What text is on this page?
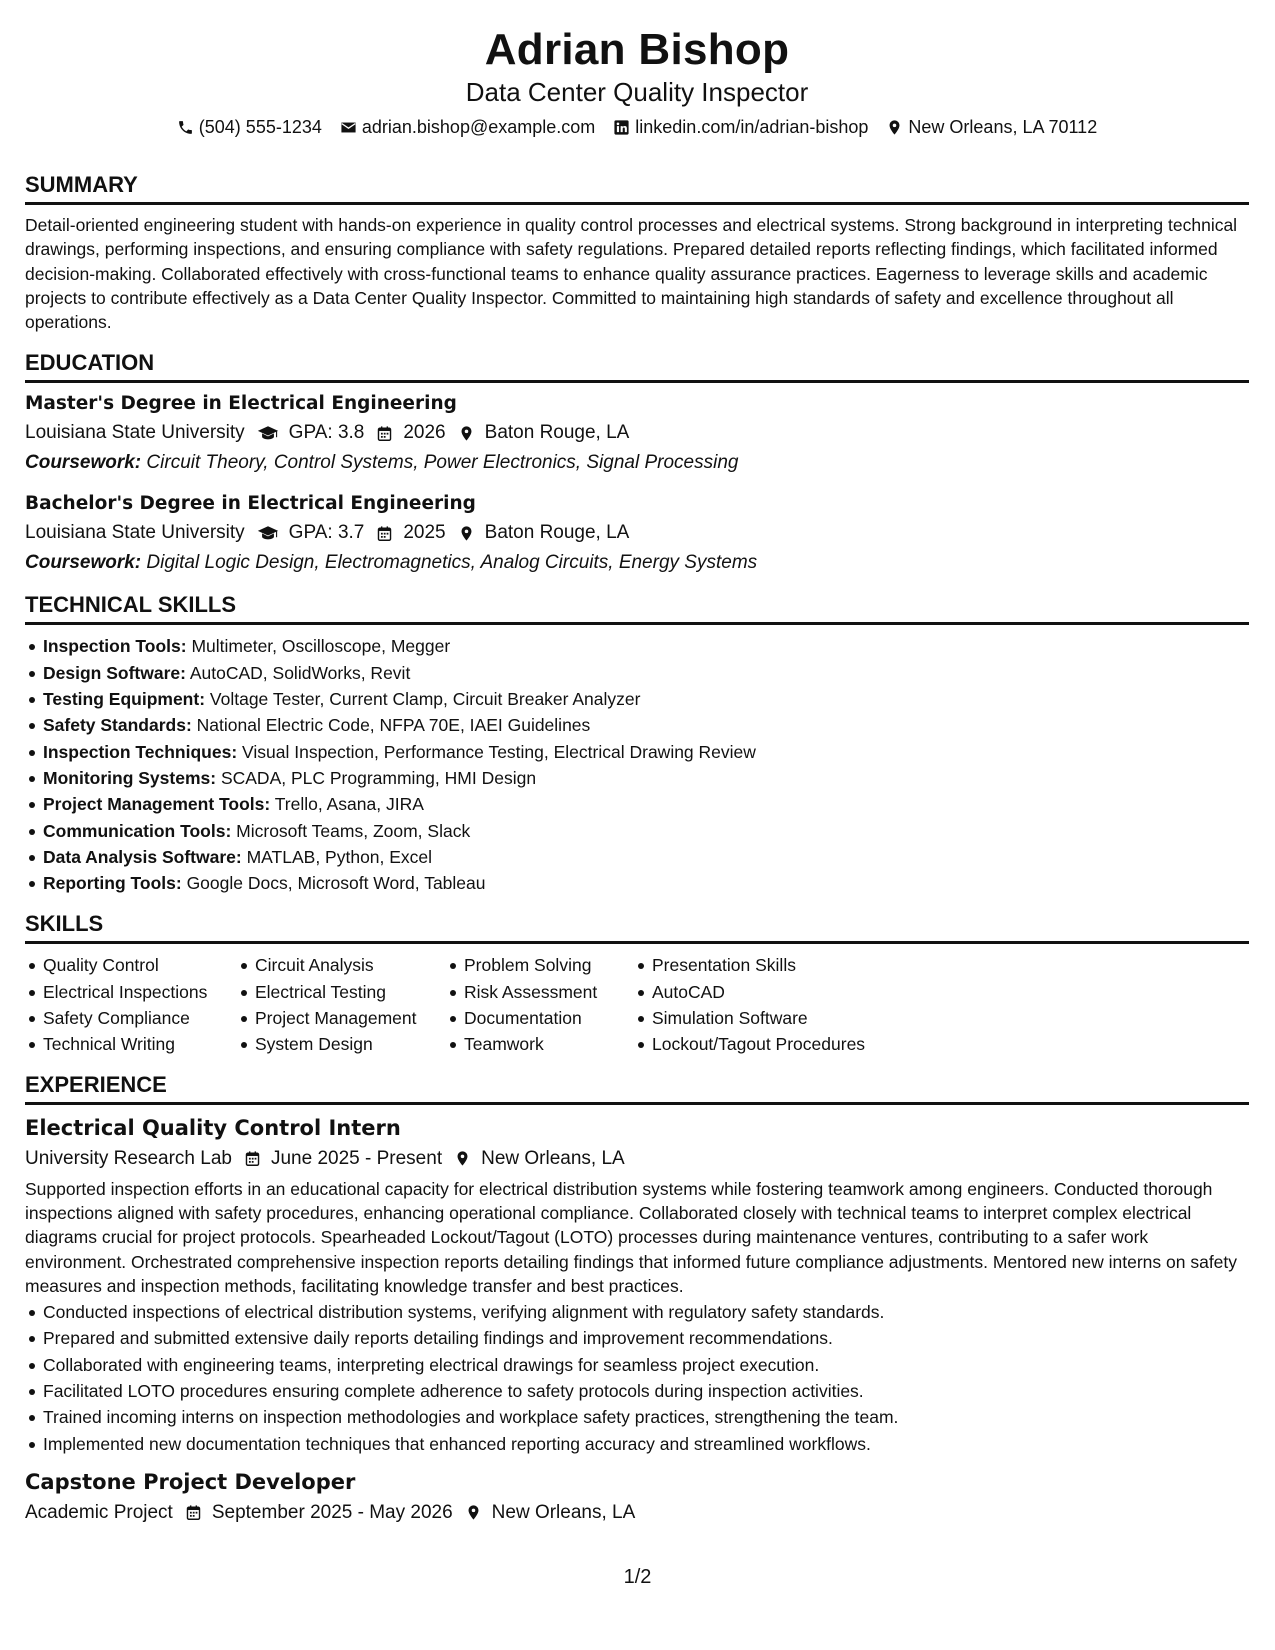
Adrian Bishop
Data Center Quality Inspector
(504) 555-1234 adrian.bishop@example.com linkedin.com/in/adrian-bishop New Orleans, LA 70112
SUMMARY
Detail-oriented engineering student with hands-on experience in quality control processes and electrical systems. Strong background in interpreting technical drawings, performing inspections, and ensuring compliance with safety regulations. Prepared detailed reports reflecting findings, which facilitated informed decision-making. Collaborated effectively with cross-functional teams to enhance quality assurance practices. Eagerness to leverage skills and academic projects to contribute effectively as a Data Center Quality Inspector. Committed to maintaining high standards of safety and excellence throughout all operations.
EDUCATION
Master's Degree in Electrical Engineering
Louisiana State University GPA: 3.8 2026 Baton Rouge, LA
Coursework: Circuit Theory, Control Systems, Power Electronics, Signal Processing
Bachelor's Degree in Electrical Engineering
Louisiana State University GPA: 3.7 2025 Baton Rouge, LA
Coursework: Digital Logic Design, Electromagnetics, Analog Circuits, Energy Systems
TECHNICAL SKILLS
Inspection Tools: Multimeter, Oscilloscope, Megger
Design Software: AutoCAD, SolidWorks, Revit
Testing Equipment: Voltage Tester, Current Clamp, Circuit Breaker Analyzer
Safety Standards: National Electric Code, NFPA 70E, IAEI Guidelines
Inspection Techniques: Visual Inspection, Performance Testing, Electrical Drawing Review
Monitoring Systems: SCADA, PLC Programming, HMI Design
Project Management Tools: Trello, Asana, JIRA
Communication Tools: Microsoft Teams, Zoom, Slack
Data Analysis Software: MATLAB, Python, Excel
Reporting Tools: Google Docs, Microsoft Word, Tableau
SKILLS
Quality Control
Electrical Inspections
Safety Compliance
Technical Writing
Circuit Analysis
Electrical Testing
Project Management
System Design
Problem Solving
Risk Assessment
Documentation
Teamwork
Presentation Skills
AutoCAD
Simulation Software
Lockout/Tagout Procedures
EXPERIENCE
Electrical Quality Control Intern
University Research Lab June 2025 - Present New Orleans, LA
Supported inspection efforts in an educational capacity for electrical distribution systems while fostering teamwork among engineers. Conducted thorough inspections aligned with safety procedures, enhancing operational compliance. Collaborated closely with technical teams to interpret complex electrical diagrams crucial for project protocols. Spearheaded Lockout/Tagout (LOTO) processes during maintenance ventures, contributing to a safer work environment. Orchestrated comprehensive inspection reports detailing findings that informed future compliance adjustments. Mentored new interns on safety measures and inspection methods, facilitating knowledge transfer and best practices.
Conducted inspections of electrical distribution systems, verifying alignment with regulatory safety standards.
Prepared and submitted extensive daily reports detailing findings and improvement recommendations.
Collaborated with engineering teams, interpreting electrical drawings for seamless project execution.
Facilitated LOTO procedures ensuring complete adherence to safety protocols during inspection activities.
Trained incoming interns on inspection methodologies and workplace safety practices, strengthening the team.
Implemented new documentation techniques that enhanced reporting accuracy and streamlined workflows.
Capstone Project Developer
Academic Project September 2025 - May 2026 New Orleans, LA
1/2
